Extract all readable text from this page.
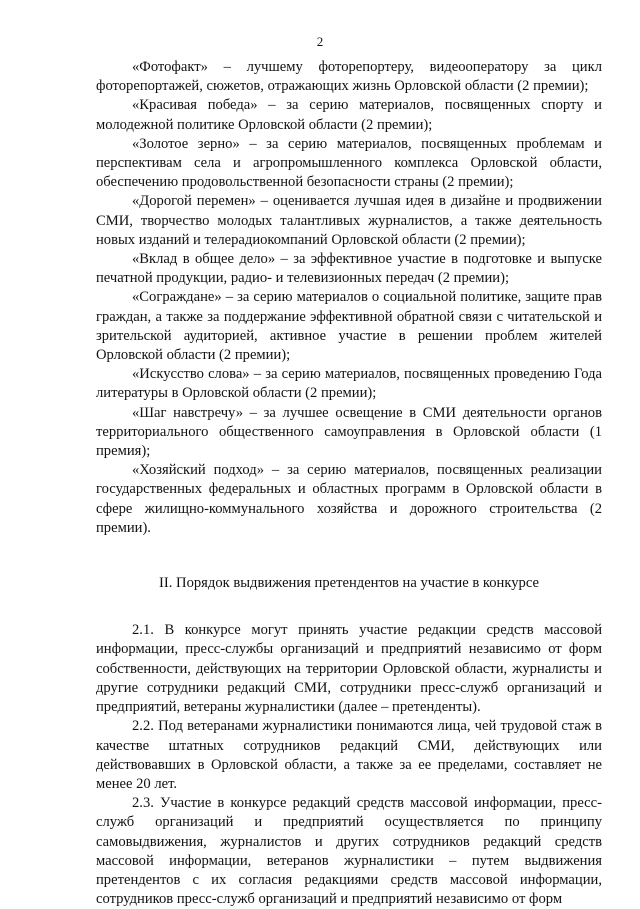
2

«Фотофакт» – лучшему фоторепортеру, видеооператору за цикл фоторепортажей, сюжетов, отражающих жизнь Орловской области (2 премии);

«Красивая победа» – за серию материалов, посвященных спорту и молодежной политике Орловской области (2 премии);

«Золотое зерно» – за серию материалов, посвященных проблемам и перспективам села и агропромышленного комплекса Орловской области, обеспечению продовольственной безопасности страны (2 премии);

«Дорогой перемен» – оценивается лучшая идея в дизайне и продвижении СМИ, творчество молодых талантливых журналистов, а также деятельность новых изданий и телерадиокомпаний Орловской области (2 премии);

«Вклад в общее дело» – за эффективное участие в подготовке и выпуске печатной продукции, радио- и телевизионных передач (2 премии);

«Сограждане» – за серию материалов о социальной политике, защите прав граждан, а также за поддержание эффективной обратной связи с читательской и зрительской аудиторией, активное участие в решении проблем жителей Орловской области (2 премии);

«Искусство слова» – за серию материалов, посвященных проведению Года литературы в Орловской области (2 премии);

«Шаг навстречу» – за лучшее освещение в СМИ деятельности органов территориального общественного самоуправления в Орловской области (1 премия);

«Хозяйский подход» – за серию материалов, посвященных реализации государственных федеральных и областных программ в Орловской области в сфере жилищно-коммунального хозяйства и дорожного строительства (2 премии).

II. Порядок выдвижения претендентов на участие в конкурсе

2.1. В конкурсе могут принять участие редакции средств массовой информации, пресс-службы организаций и предприятий независимо от форм собственности, действующих на территории Орловской области, журналисты и другие сотрудники редакций СМИ, сотрудники пресс-служб организаций и предприятий, ветераны журналистики (далее – претенденты).

2.2. Под ветеранами журналистики понимаются лица, чей трудовой стаж в качестве штатных сотрудников редакций СМИ, действующих или действовавших в Орловской области, а также за ее пределами, составляет не менее 20 лет.

2.3. Участие в конкурсе редакций средств массовой информации, пресс-служб организаций и предприятий осуществляется по принципу самовыдвижения, журналистов и других сотрудников редакций средств массовой информации, ветеранов журналистики – путем выдвижения претендентов с их согласия редакциями средств массовой информации, сотрудников пресс-служб организаций и предприятий независимо от форм
